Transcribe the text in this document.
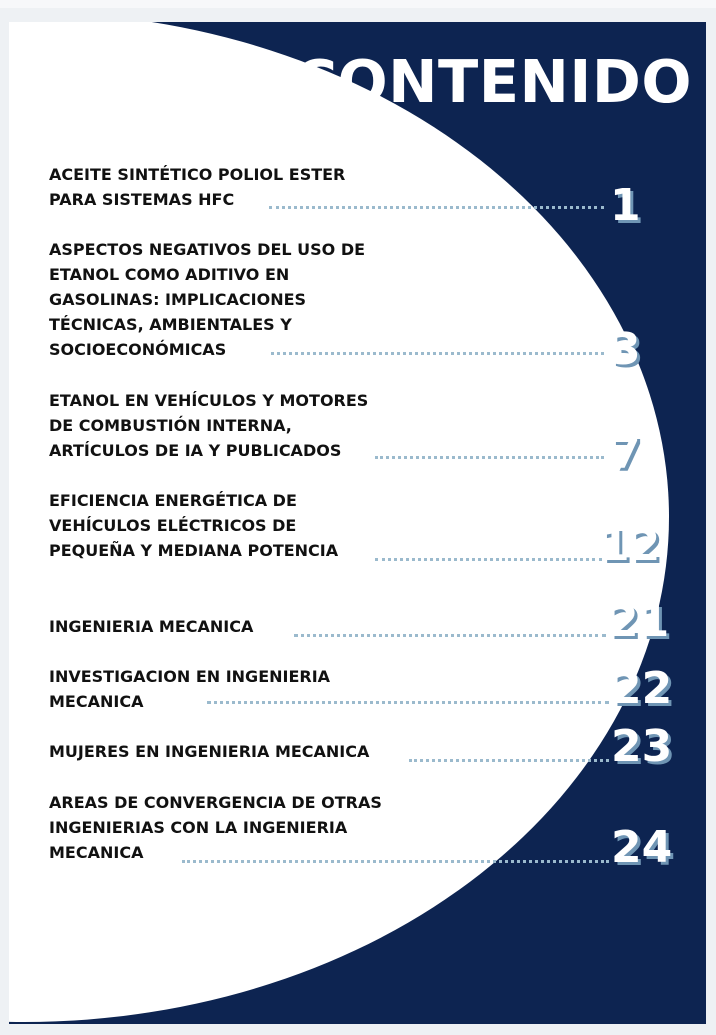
CONTENIDO

ACEITE SINTÉTICO POLIOL ESTER
PARA SISTEMAS HFC	1

ASPECTOS NEGATIVOS DEL USO DE
ETANOL COMO ADITIVO EN
GASOLINAS: IMPLICACIONES
TÉCNICAS, AMBIENTALES Y
SOCIOECONÓMICAS	3

ETANOL EN VEHÍCULOS Y MOTORES
DE COMBUSTIÓN INTERNA,
ARTÍCULOS DE IA Y PUBLICADOS	7

EFICIENCIA ENERGÉTICA DE
VEHÍCULOS ELÉCTRICOS DE
PEQUEÑA Y MEDIANA POTENCIA	12

INGENIERIA MECANICA	21

INVESTIGACION EN INGENIERIA
MECANICA	22

MUJERES EN INGENIERIA MECANICA	23

AREAS DE CONVERGENCIA DE OTRAS
INGENIERIAS CON LA INGENIERIA
MECANICA	24
